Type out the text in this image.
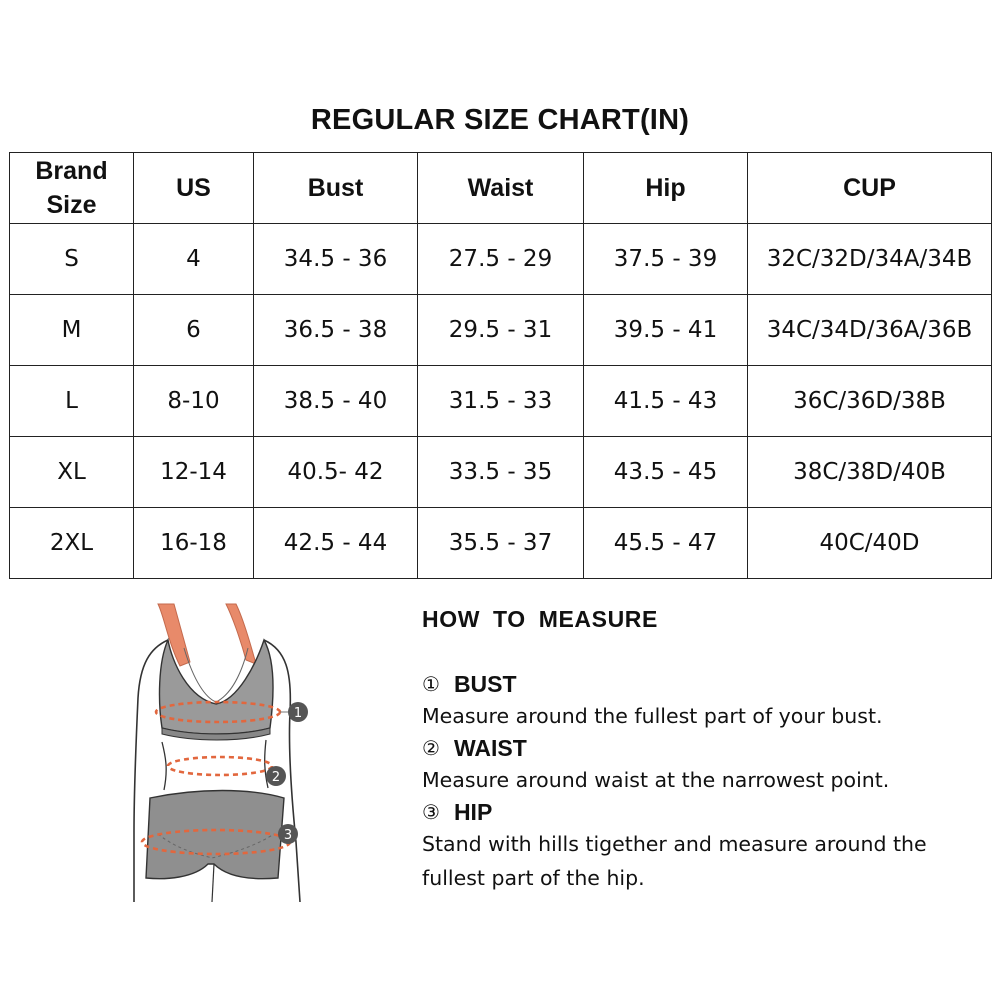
REGULAR SIZE CHART(IN)
Brand Size	US	Bust	Waist	Hip	CUP
S	4	34.5 - 36	27.5 - 29	37.5 - 39	32C/32D/34A/34B
M	6	36.5 - 38	29.5 - 31	39.5 - 41	34C/34D/36A/36B
L	8-10	38.5 - 40	31.5 - 33	41.5 - 43	36C/36D/38B
XL	12-14	40.5- 42	33.5 - 35	43.5 - 45	38C/38D/40B
2XL	16-18	42.5 - 44	35.5 - 37	45.5 - 47	40C/40D
1
2
3
HOW TO MEASURE
① BUST
Measure around the fullest part of your bust.
② WAIST
Measure around waist at the narrowest point.
③ HIP
Stand with hills tigether and measure around the fullest part of the hip.
